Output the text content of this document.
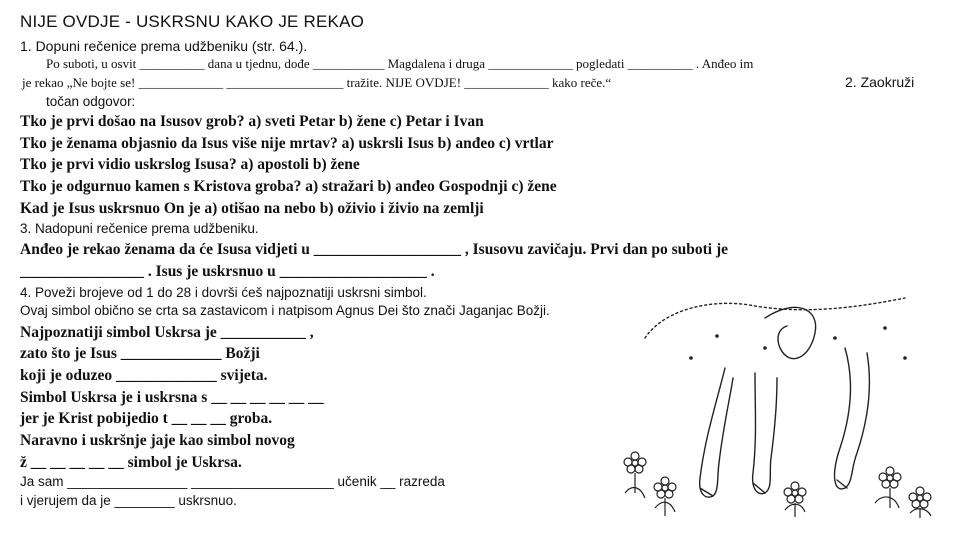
NIJE OVDJE - USKRSNU KAKO JE REKAO
1. Dopuni rečenice prema udžbeniku (str. 64.).
Po suboti, u osvit __________ dana u tjednu, dođe ___________ Magdalena i druga _____________ pogledati __________ . Anđeo im
je rekao „Ne bojte se! _____________ __________________ tražite. NIJE OVDJE! _____________ kako reče.“	2. Zaokruži
točan odgovor:
Tko je prvi došao na Isusov grob? a) sveti Petar b) žene c) Petar i Ivan
Tko je ženama objasnio da Isus više nije mrtav? a) uskrsli Isus b) anđeo c) vrtlar
Tko je prvi vidio uskrslog Isusa? a) apostoli b) žene
Tko je odgurnuo kamen s Kristova groba? a) stražari b) anđeo Gospodnji c) žene
Kad je Isus uskrsnuo On je a) otišao na nebo b) oživio i živio na zemlji
3. Nadopuni rečenice prema udžbeniku.
Anđeo je rekao ženama da će Isusa vidjeti u ___________________ , Isusovu zavičaju. Prvi dan po suboti je
________________ . Isus je uskrsnuo u ___________________ .
4. Poveži brojeve od 1 do 28 i dovrši ćeš najpoznatiji uskrsni simbol.
Ovaj simbol obično se crta sa zastavicom i natpisom Agnus Dei što znači Jaganjac Božji.
Najpoznatiji simbol Uskrsa je ___________ ,
zato što je Isus _____________ Božji
koji je oduzeo _____________ svijeta.
Simbol Uskrsa je i uskrsna s __ __ __ __ __ __
jer je Krist pobijedio t __ __ __ groba.
Naravno i uskršnje jaje kao simbol novog
ž __ __ __ __ __ simbol je Uskrsa.
Ja sam ________________ ___________________ učenik __ razreda
i vjerujem da je ________ uskrsnuo.
